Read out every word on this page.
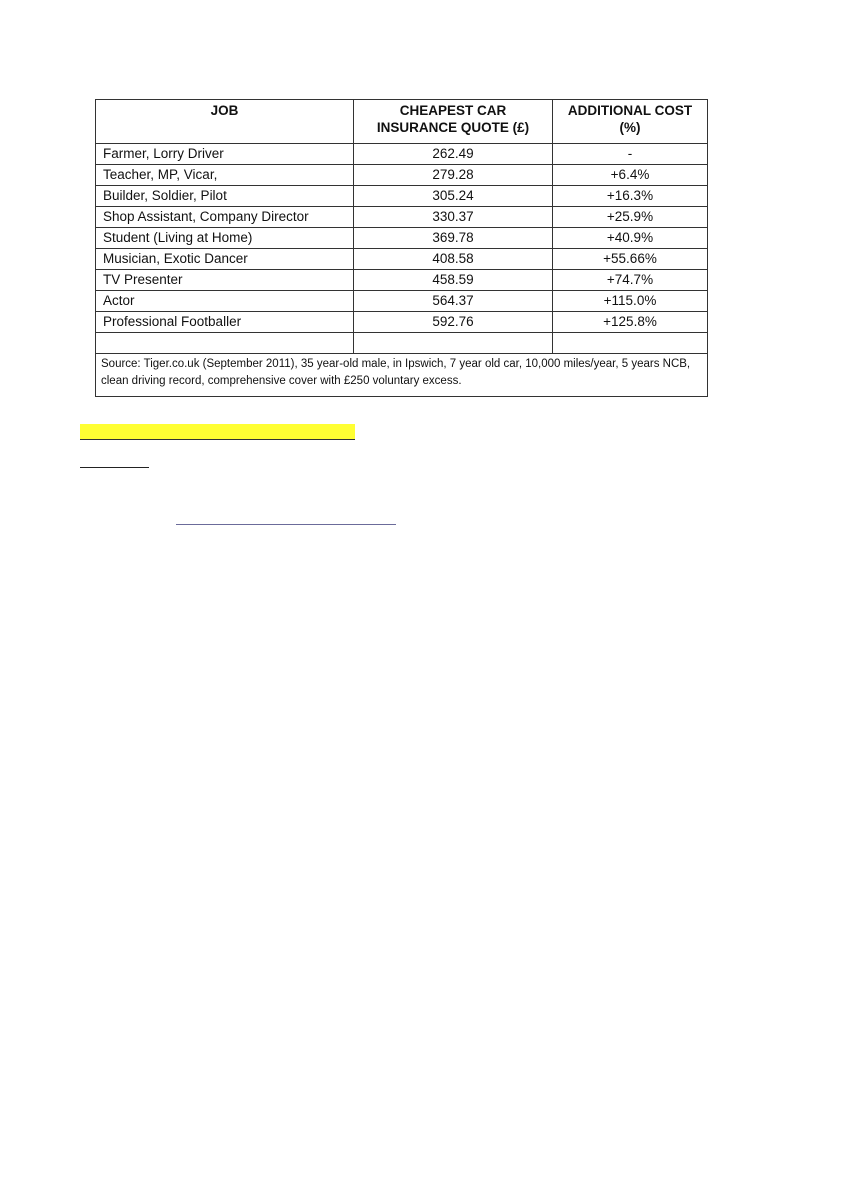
JOB	CHEAPEST CAR INSURANCE QUOTE (£)	ADDITIONAL COST (%)
Farmer, Lorry Driver	262.49	-
Teacher, MP, Vicar,	279.28	+6.4%
Builder, Soldier, Pilot	305.24	+16.3%
Shop Assistant, Company Director	330.37	+25.9%
Student (Living at Home)	369.78	+40.9%
Musician, Exotic Dancer	408.58	+55.66%
TV Presenter	458.59	+74.7%
Actor	564.37	+115.0%
Professional Footballer	592.76	+125.8%

Source: Tiger.co.uk (September 2011), 35 year-old male, in Ipswich, 7 year old car, 10,000 miles/year, 5 years NCB, clean driving record, comprehensive cover with £250 voluntary excess.		
